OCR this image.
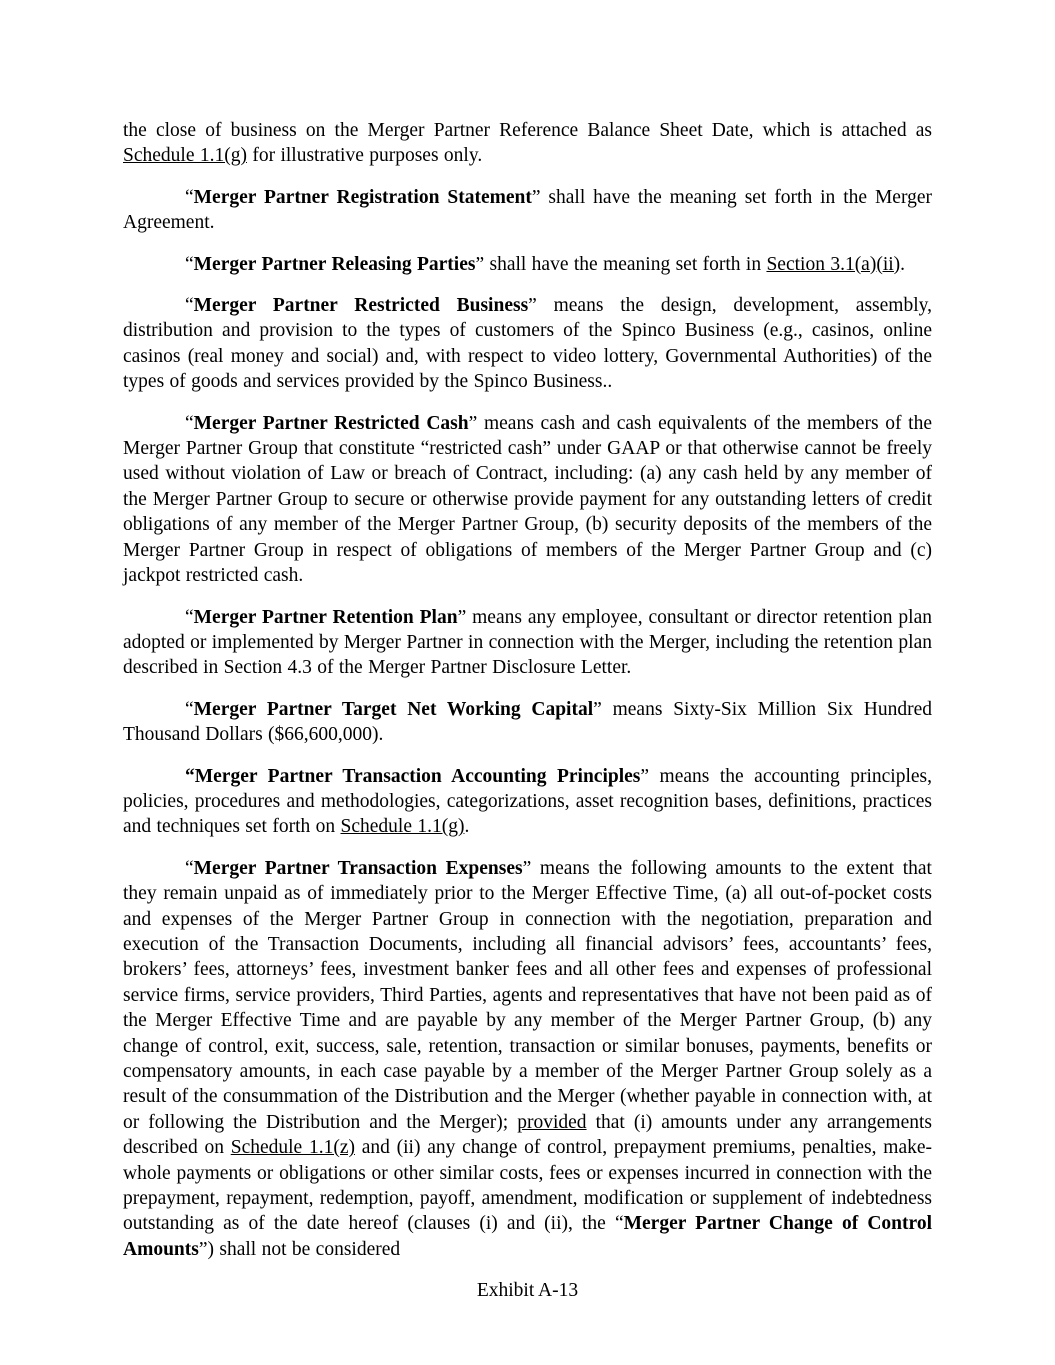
the close of business on the Merger Partner Reference Balance Sheet Date, which is attached as Schedule 1.1(g) for illustrative purposes only.

“Merger Partner Registration Statement” shall have the meaning set forth in the Merger Agreement.

“Merger Partner Releasing Parties” shall have the meaning set forth in Section 3.1(a)(ii).

“Merger Partner Restricted Business” means the design, development, assembly, distribution and provision to the types of customers of the Spinco Business (e.g., casinos, online casinos (real money and social) and, with respect to video lottery, Governmental Authorities) of the types of goods and services provided by the Spinco Business..

“Merger Partner Restricted Cash” means cash and cash equivalents of the members of the Merger Partner Group that constitute “restricted cash” under GAAP or that otherwise cannot be freely used without violation of Law or breach of Contract, including: (a) any cash held by any member of the Merger Partner Group to secure or otherwise provide payment for any outstanding letters of credit obligations of any member of the Merger Partner Group, (b) security deposits of the members of the Merger Partner Group in respect of obligations of members of the Merger Partner Group and (c) jackpot restricted cash.

“Merger Partner Retention Plan” means any employee, consultant or director retention plan adopted or implemented by Merger Partner in connection with the Merger, including the retention plan described in Section 4.3 of the Merger Partner Disclosure Letter.

“Merger Partner Target Net Working Capital” means Sixty-Six Million Six Hundred Thousand Dollars ($66,600,000).

“Merger Partner Transaction Accounting Principles” means the accounting principles, policies, procedures and methodologies, categorizations, asset recognition bases, definitions, practices and techniques set forth on Schedule 1.1(g).

“Merger Partner Transaction Expenses” means the following amounts to the extent that they remain unpaid as of immediately prior to the Merger Effective Time, (a) all out-of-pocket costs and expenses of the Merger Partner Group in connection with the negotiation, preparation and execution of the Transaction Documents, including all financial advisors’ fees, accountants’ fees, brokers’ fees, attorneys’ fees, investment banker fees and all other fees and expenses of professional service firms, service providers, Third Parties, agents and representatives that have not been paid as of the Merger Effective Time and are payable by any member of the Merger Partner Group, (b) any change of control, exit, success, sale, retention, transaction or similar bonuses, payments, benefits or compensatory amounts, in each case payable by a member of the Merger Partner Group solely as a result of the consummation of the Distribution and the Merger (whether payable in connection with, at or following the Distribution and the Merger); provided that (i) amounts under any arrangements described on Schedule 1.1(z) and (ii) any change of control, prepayment premiums, penalties, make-whole payments or obligations or other similar costs, fees or expenses incurred in connection with the prepayment, repayment, redemption, payoff, amendment, modification or supplement of indebtedness outstanding as of the date hereof (clauses (i) and (ii), the “Merger Partner Change of Control Amounts”) shall not be considered

Exhibit A-13
